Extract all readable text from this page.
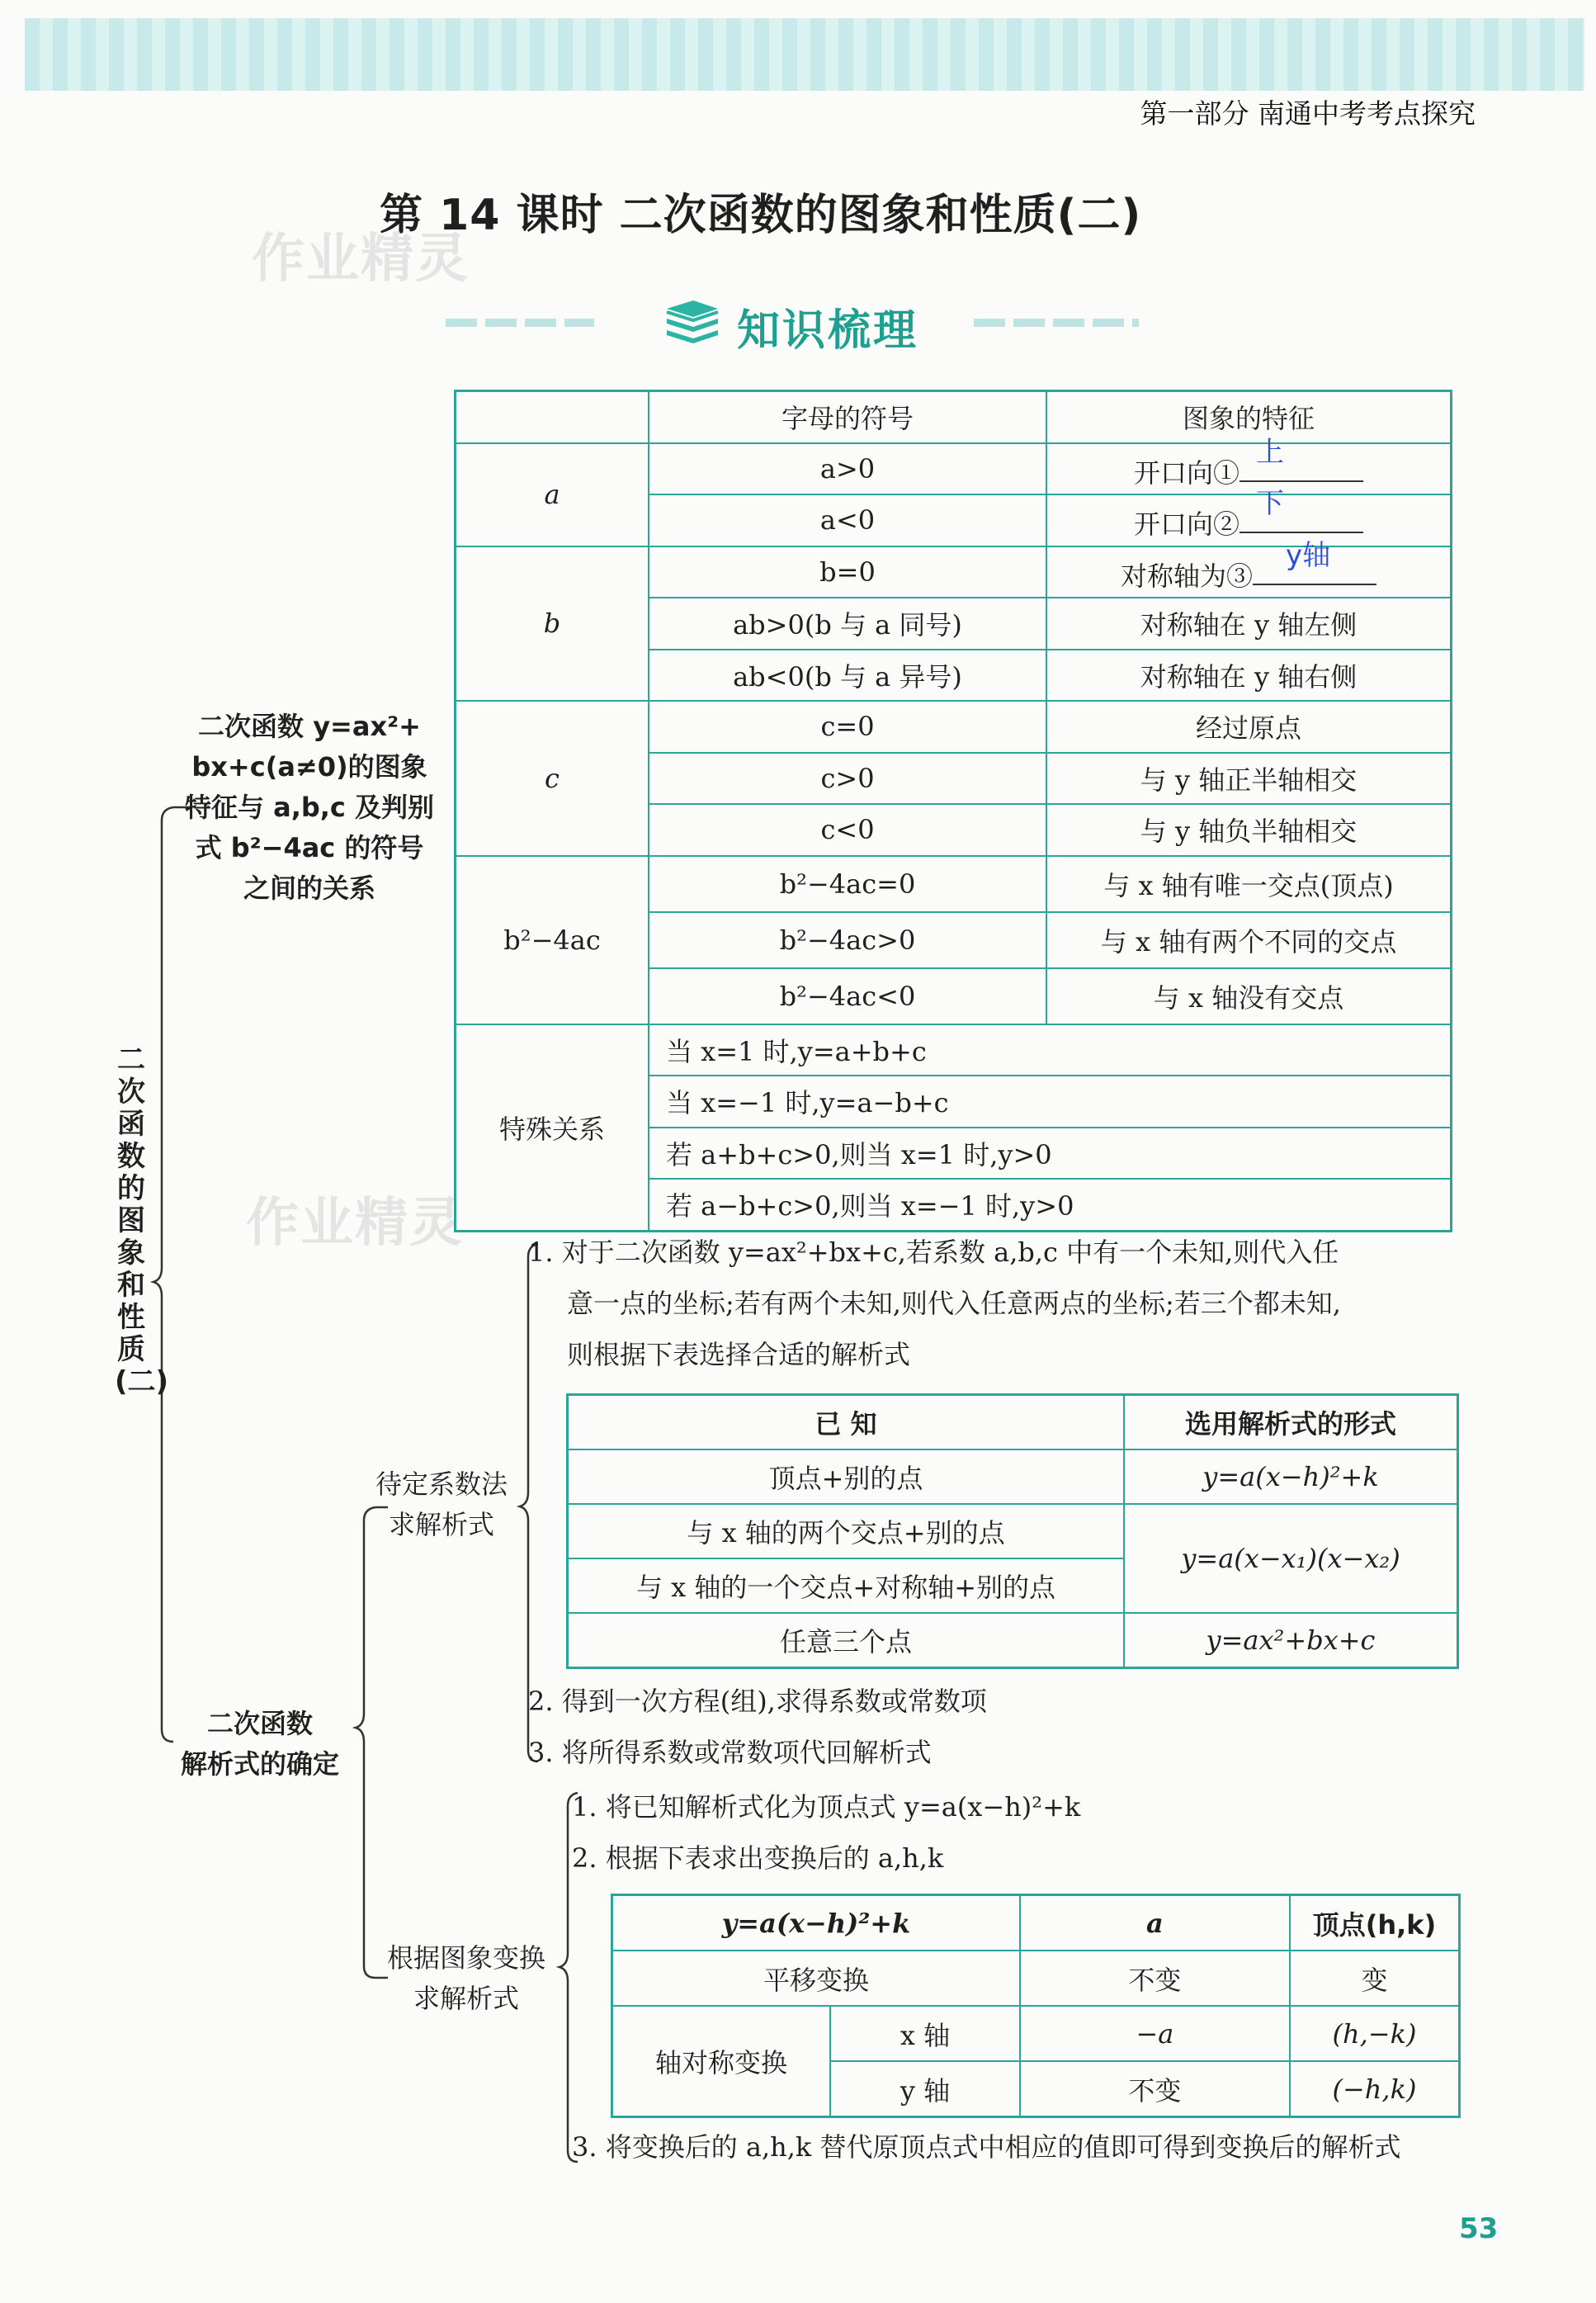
第一部分 南通中考考点探究
第 14 课时 二次函数的图象和性质(二)
作业精灵
作业精灵
知识梳理
二次函数的图象和性质(二)
二次函数 y=ax²+
bx+c(a≠0)的图象
特征与 a,b,c 及判别
式 b²−4ac 的符号
之间的关系
	字母的符号	图象的特征
a	a>0	开口向①
上

	a<0	开口向②
下

b	b=0	对称轴为③
y轴

	ab>0(b 与 a 同号)	对称轴在 y 轴左侧
	ab<0(b 与 a 异号)	对称轴在 y 轴右侧
c	c=0	经过原点
	c>0	与 y 轴正半轴相交
	c<0	与 y 轴负半轴相交
b²−4ac	b²−4ac=0	与 x 轴有唯一交点(顶点)
	b²−4ac>0	与 x 轴有两个不同的交点
	b²−4ac<0	与 x 轴没有交点
特殊关系	当 x=1 时,y=a+b+c	
	当 x=−1 时,y=a−b+c	
	若 a+b+c>0,则当 x=1 时,y>0	
	若 a−b+c>0,则当 x=−1 时,y>0	
二次函数
解析式的确定
待定系数法
求解析式
1. 对于二次函数 y=ax²+bx+c,若系数 a,b,c 中有一个未知,则代入任
意一点的坐标;若有两个未知,则代入任意两点的坐标;若三个都未知,
则根据下表选择合适的解析式
已 知	选用解析式的形式
顶点+别的点	y=a(x−h)²+k
与 x 轴的两个交点+别的点	y=a(x−x₁)(x−x₂)
与 x 轴的一个交点+对称轴+别的点	
任意三个点	y=ax²+bx+c
2. 得到一次方程(组),求得系数或常数项
3. 将所得系数或常数项代回解析式
根据图象变换
求解析式
1. 将已知解析式化为顶点式 y=a(x−h)²+k
2. 根据下表求出变换后的 a,h,k
y=a(x−h)²+k		a	顶点(h,k)
平移变换		不变	变
轴对称变换	x 轴	−a	(h,−k)
	y 轴	不变	(−h,k)
3. 将变换后的 a,h,k 替代原顶点式中相应的值即可得到变换后的解析式
53
